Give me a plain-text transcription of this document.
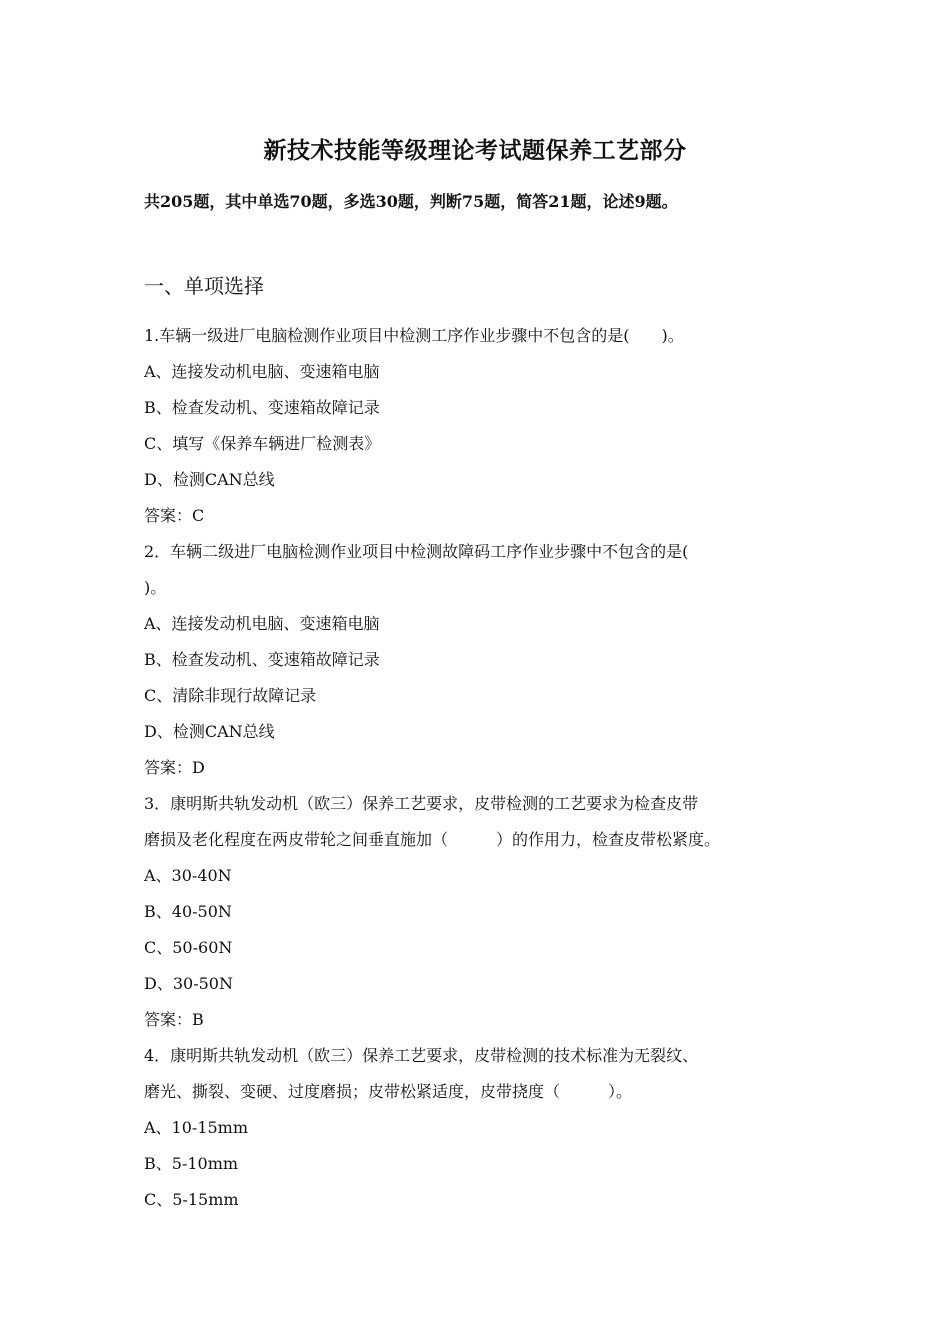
新技术技能等级理论考试题保养工艺部分
共205题，其中单选70题，多选30题，判断75题，简答21题，论述9题。
一、单项选择
1.车辆一级进厂电脑检测作业项目中检测工序作业步骤中不包含的是(　　)。
A、连接发动机电脑、变速箱电脑
B、检查发动机、变速箱故障记录
C、填写《保养车辆进厂检测表》
D、检测CAN总线
答案：C
2．车辆二级进厂电脑检测作业项目中检测故障码工序作业步骤中不包含的是(
)。
A、连接发动机电脑、变速箱电脑
B、检查发动机、变速箱故障记录
C、清除非现行故障记录
D、检测CAN总线
答案：D
3．康明斯共轨发动机（欧三）保养工艺要求，皮带检测的工艺要求为检查皮带
磨损及老化程度在两皮带轮之间垂直施加（　　　）的作用力，检查皮带松紧度。
A、30-40N
B、40-50N
C、50-60N
D、30-50N
答案：B
4．康明斯共轨发动机（欧三）保养工艺要求，皮带检测的技术标准为无裂纹、
磨光、撕裂、变硬、过度磨损；皮带松紧适度，皮带挠度（　　　）。
A、10-15mm
B、5-10mm
C、5-15mm
